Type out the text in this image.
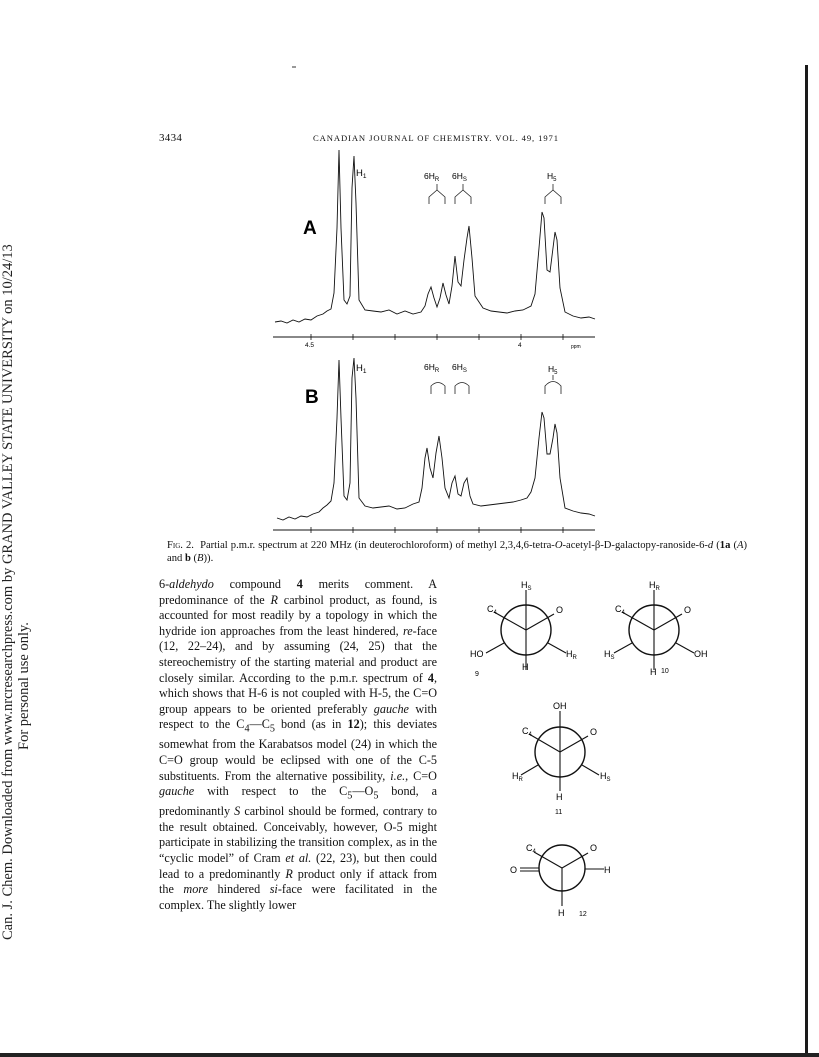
Can. J. Chem. Downloaded from www.nrcresearchpress.com by GRAND VALLEY STATE UNIVERSITY on 10/24/13 For personal use only.
3434	CANADIAN JOURNAL OF CHEMISTRY. VOL. 49, 1971
A
$H_1$	$6H_R$ $6H_S$	$H_5$
4.5	4	ppm
B
$H_1$	$6H_R$ $6H_S$	$H_5$
Fig. 2. Partial p.m.r. spectrum at 220 MHz (in deuterochloroform) of methyl 2,3,4,6-tetra-O-acetyl-β-D-galactopy-ranoside-6-d (1a (A) and b (B)).

6-aldehydo compound 4 merits comment. A predominance of the R carbinol product, as found, is accounted for most readily by a topology in which the hydride ion approaches from the least hindered, re-face (12, 22–24), and by assuming (24, 25) that the stereochemistry of the starting material and product are closely similar. According to the p.m.r. spectrum of 4, which shows that H-6 is not coupled with H-5, the C=O group appears to be oriented preferably gauche with respect to the $C_4—C_5$ bond (as in 12); this deviates somewhat from the Karabatsos model (24) in which the C=O group would be eclipsed with one of the C-5 substituents. From the alternative possibility, i.e., C=O gauche with respect to the $C_5—O_5$ bond, a predominantly S carbinol should be formed, contrary to the result obtained. Conceivably, however, O-5 might participate in stabilizing the transition complex, as in the “cyclic model” of Cram et al. (22, 23), but then could lead to a predominantly R product only if attack from the more hindered si-face were facilitated in the complex. The slightly lower

$H_S$
$C_4$	O
HO	$H_R$
H
9
$H_R$
$C_4$	O
$H_S$	OH
H 10
OH
$C_4$	O
$H_R$	$H_S$
H
11
$C_4$	O
O	H
H 12
